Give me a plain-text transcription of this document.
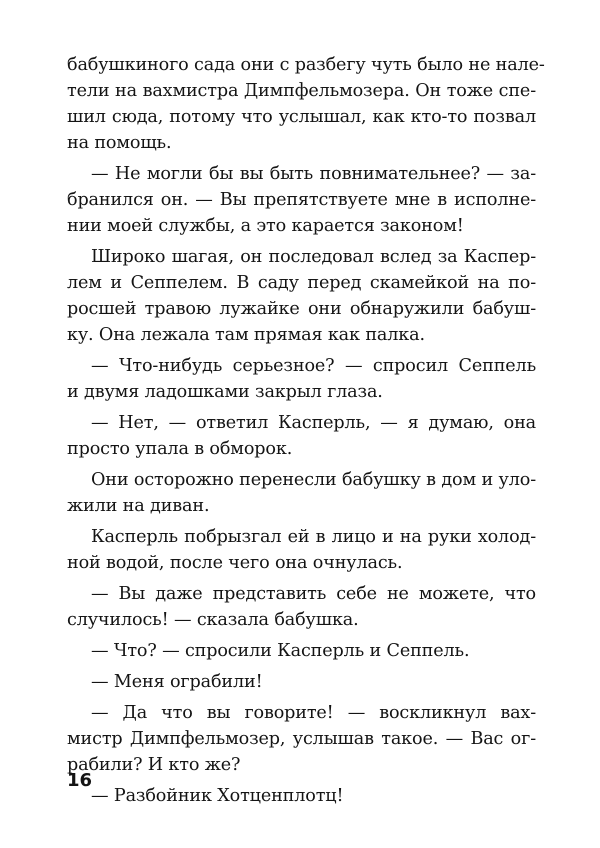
бабушкиного сада они с разбегу чуть было не нале-
тели на вахмистра Димпфельмозера. Он тоже спе-
шил сюда, потому что услышал, как кто-то позвал
на помощь.
— Не могли бы вы быть повнимательнее? — за-
бранился он. — Вы препятствуете мне в исполне-
нии моей службы, а это карается законом!
Широко шагая, он последовал вслед за Каспер-
лем и Сеппелем. В саду перед скамейкой на по-
росшей травою лужайке они обнаружили бабуш-
ку. Она лежала там прямая как палка.
— Что-нибудь серьезное? — спросил Сеппель
и двумя ладошками закрыл глаза.
— Нет, — ответил Касперль, — я думаю, она
просто упала в обморок.
Они осторожно перенесли бабушку в дом и уло-
жили на диван.
Касперль побрызгал ей в лицо и на руки холод-
ной водой, после чего она очнулась.
— Вы даже представить себе не можете, что
случилось! — сказала бабушка.
— Что? — спросили Касперль и Сеппель.
— Меня ограбили!
— Да что вы говорите! — воскликнул вах-
мистр Димпфельмозер, услышав такое. — Вас ог-
рабили? И кто же?
— Разбойник Хотценплотц!
16
